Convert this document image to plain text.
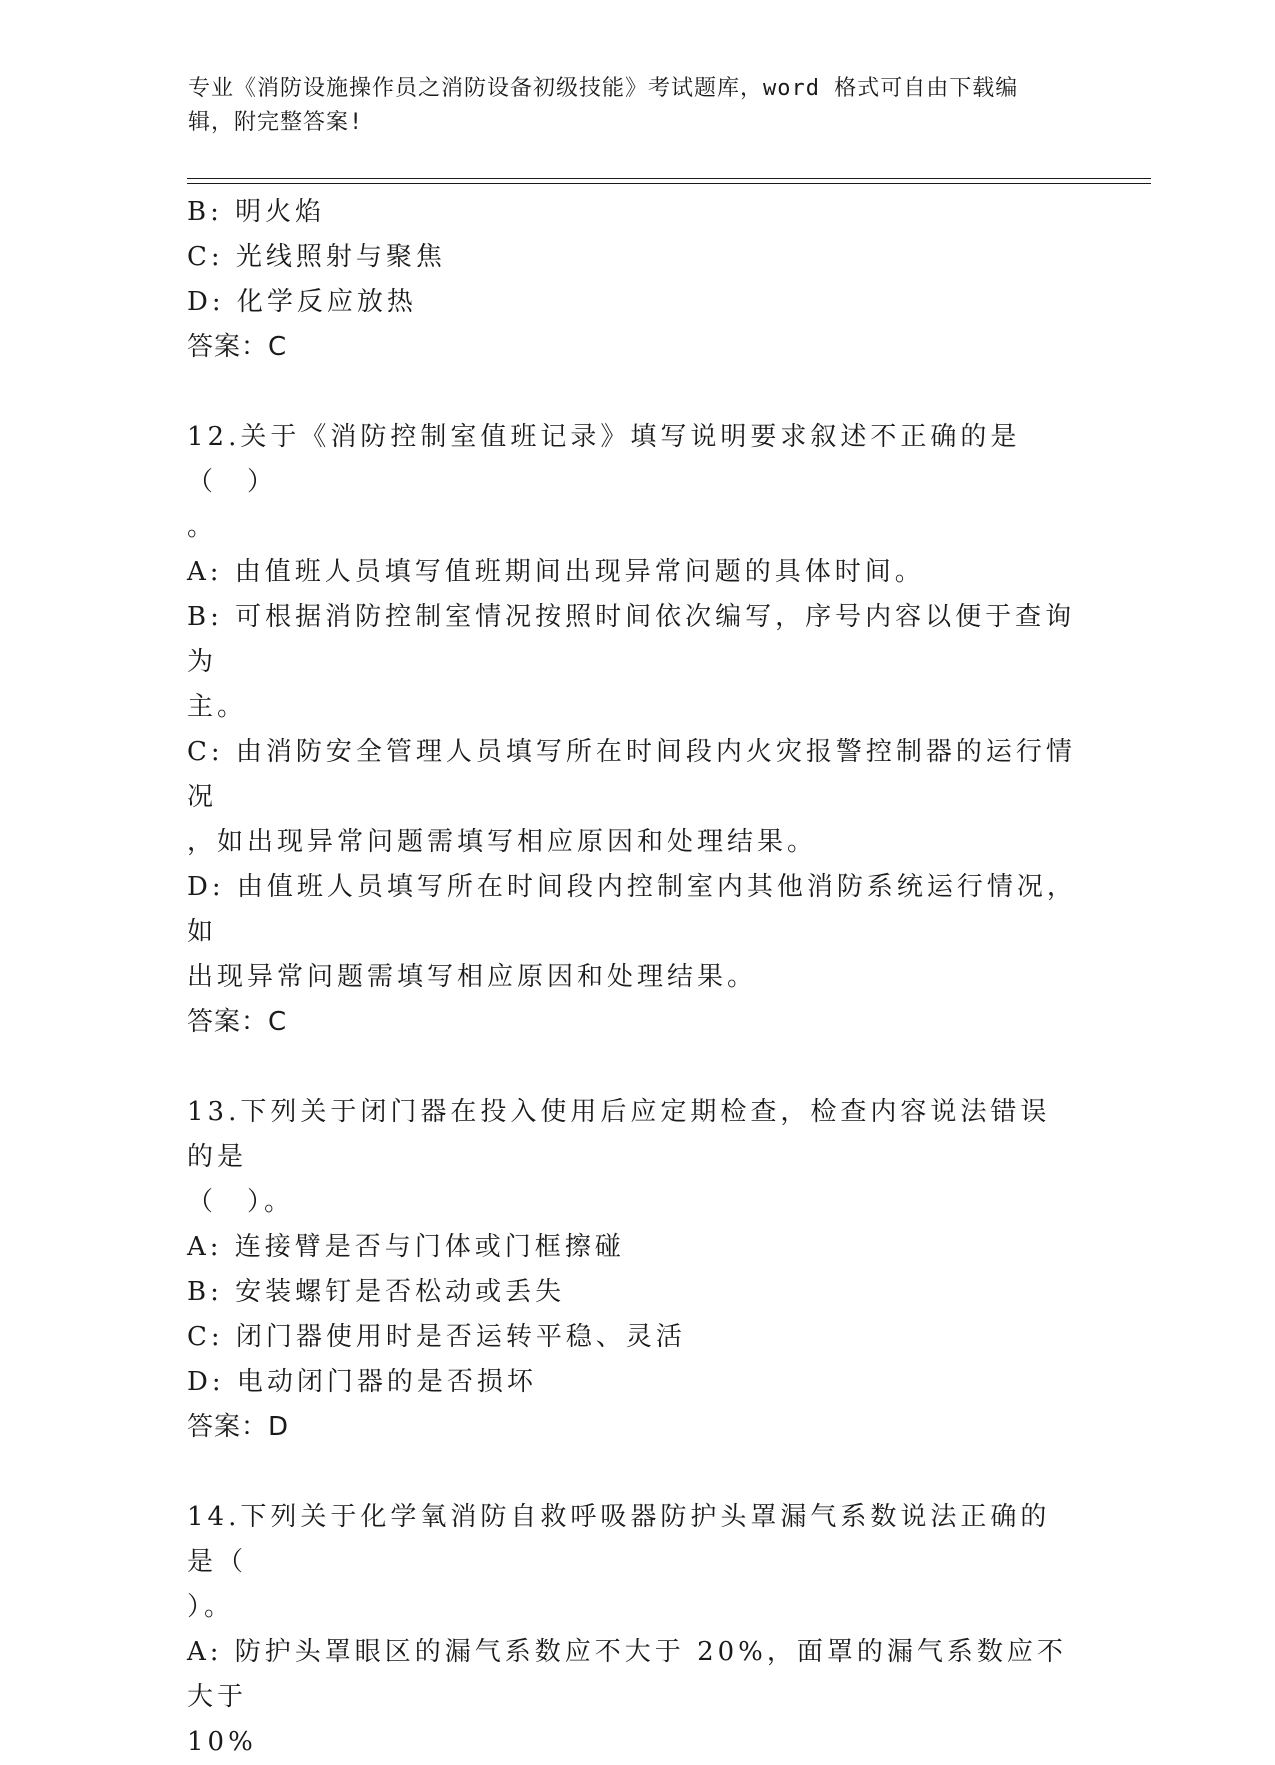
专业《消防设施操作员之消防设备初级技能》考试题库，word 格式可自由下载编
辑，附完整答案!

B: 明火焰

C: 光线照射与聚焦

D: 化学反应放热

答案：C

12.关于《消防控制室值班记录》填写说明要求叙述不正确的是（　）

。

A: 由值班人员填写值班期间出现异常问题的具体时间。

B: 可根据消防控制室情况按照时间依次编写，序号内容以便于查询为

主。

C: 由消防安全管理人员填写所在时间段内火灾报警控制器的运行情况

，如出现异常问题需填写相应原因和处理结果。

D: 由值班人员填写所在时间段内控制室内其他消防系统运行情况，如

出现异常问题需填写相应原因和处理结果。

答案：C

13.下列关于闭门器在投入使用后应定期检查，检查内容说法错误的是

（　）。

A: 连接臂是否与门体或门框擦碰

B: 安装螺钉是否松动或丢失

C: 闭门器使用时是否运转平稳、灵活

D: 电动闭门器的是否损坏

答案：D

14.下列关于化学氧消防自救呼吸器防护头罩漏气系数说法正确的是（

）。

A: 防护头罩眼区的漏气系数应不大于 20%，面罩的漏气系数应不大于

10%
